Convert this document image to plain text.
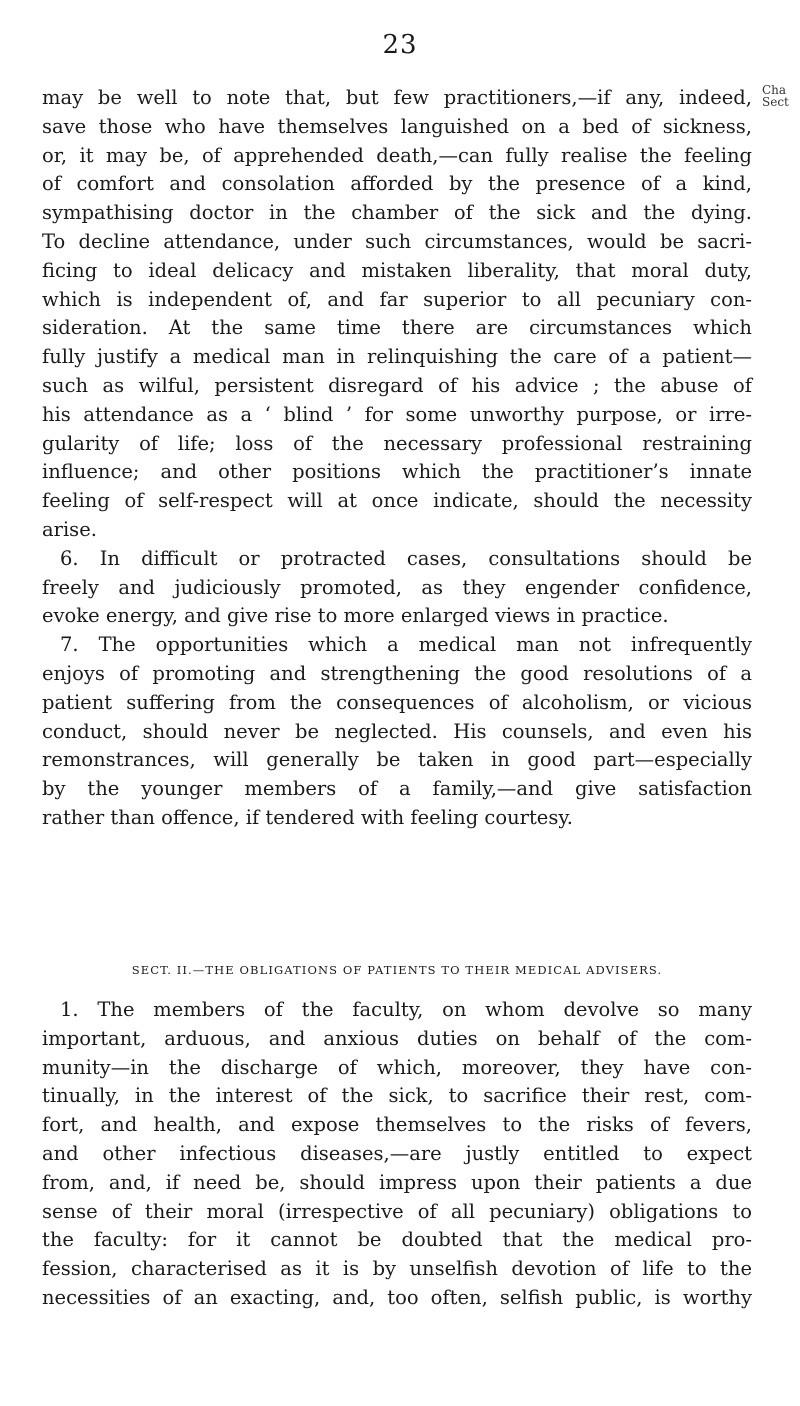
23
Cha
Sect
may be well to note that, but few practitioners,—if any, indeed,
save those who have themselves languished on a bed of sickness,
or, it may be, of apprehended death,—can fully realise the feeling
of comfort and consolation afforded by the presence of a kind,
sympathising doctor in the chamber of the sick and the dying.
To decline attendance, under such circumstances, would be sacri-
ficing to ideal delicacy and mistaken liberality, that moral duty,
which is independent of, and far superior to all pecuniary con-
sideration. At the same time there are circumstances which
fully justify a medical man in relinquishing the care of a patient—
such as wilful, persistent disregard of his advice ; the abuse of
his attendance as a ‘ blind ’ for some unworthy purpose, or irre-
gularity of life; loss of the necessary professional restraining
influence; and other positions which the practitioner’s innate
feeling of self-respect will at once indicate, should the necessity
arise.
6. In difficult or protracted cases, consultations should be
freely and judiciously promoted, as they engender confidence,
evoke energy, and give rise to more enlarged views in practice.
7. The opportunities which a medical man not infrequently
enjoys of promoting and strengthening the good resolutions of a
patient suffering from the consequences of alcoholism, or vicious
conduct, should never be neglected. His counsels, and even his
remonstrances, will generally be taken in good part—especially
by the younger members of a family,—and give satisfaction
rather than offence, if tendered with feeling courtesy.
SECT. II.—THE OBLIGATIONS OF PATIENTS TO THEIR MEDICAL ADVISERS.
1. The members of the faculty, on whom devolve so many
important, arduous, and anxious duties on behalf of the com-
munity—in the discharge of which, moreover, they have con-
tinually, in the interest of the sick, to sacrifice their rest, com-
fort, and health, and expose themselves to the risks of fevers,
and other infectious diseases,—are justly entitled to expect
from, and, if need be, should impress upon their patients a due
sense of their moral (irrespective of all pecuniary) obligations to
the faculty: for it cannot be doubted that the medical pro-
fession, characterised as it is by unselfish devotion of life to the
necessities of an exacting, and, too often, selfish public, is worthy
